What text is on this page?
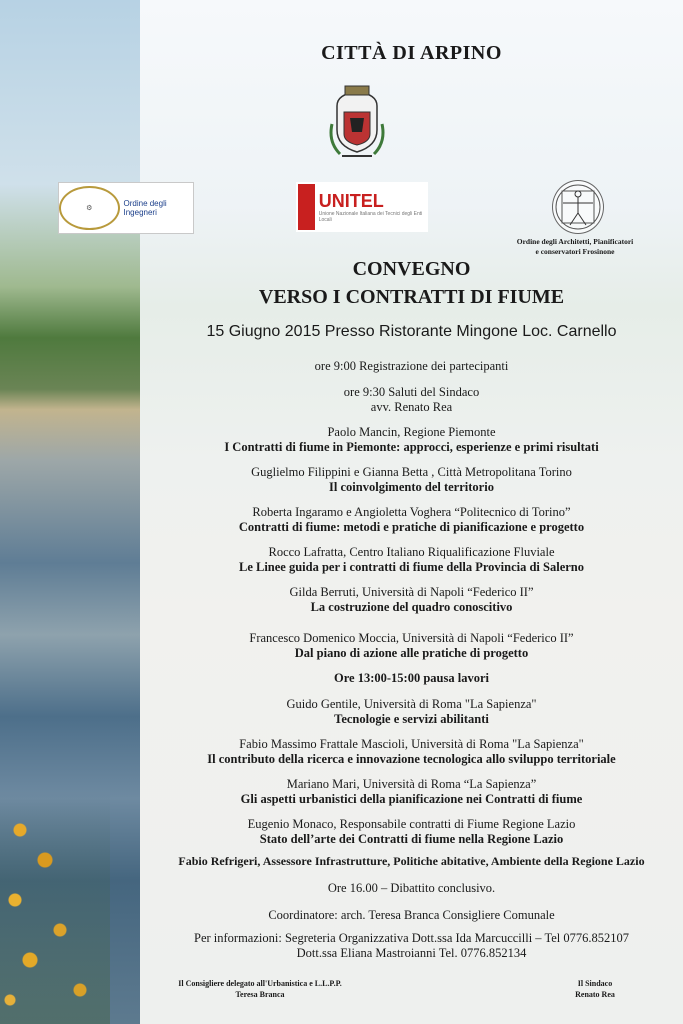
CITTÀ DI ARPINO
⚙	Ordine degli Ingegneri
UNITEL
Unione Nazionale Italiana dei Tecnici degli Enti Locali
Ordine degli Architetti, Pianificatori
e conservatori Frosinone
CONVEGNO
VERSO I CONTRATTI DI FIUME
15 Giugno 2015 Presso Ristorante Mingone Loc. Carnello
ore 9:00 Registrazione dei partecipanti
ore 9:30 Saluti del Sindaco
avv. Renato Rea
Paolo Mancin, Regione Piemonte
I Contratti di fiume in Piemonte: approcci, esperienze e primi risultati
Guglielmo Filippini e Gianna Betta , Città Metropolitana Torino
Il coinvolgimento del territorio
Roberta Ingaramo e Angioletta Voghera “Politecnico di Torino”
Contratti di fiume: metodi e pratiche di pianificazione e progetto
Rocco Lafratta, Centro Italiano Riqualificazione Fluviale
Le Linee guida per i contratti di fiume della Provincia di Salerno
Gilda Berruti, Università di Napoli “Federico II”
La costruzione del quadro conoscitivo
Francesco Domenico Moccia, Università di Napoli “Federico II”
Dal piano di azione alle pratiche di progetto
Ore 13:00-15:00 pausa lavori
Guido Gentile, Università di Roma "La Sapienza"
Tecnologie e servizi abilitanti
Fabio Massimo Frattale Mascioli, Università di Roma "La Sapienza"
Il contributo della ricerca e innovazione tecnologica allo sviluppo territoriale
Mariano Mari, Università di Roma “La Sapienza”
Gli aspetti urbanistici della pianificazione nei Contratti di fiume
Eugenio Monaco, Responsabile contratti di Fiume Regione Lazio
Stato dell’arte dei Contratti di fiume nella Regione Lazio
Fabio Refrigeri, Assessore Infrastrutture, Politiche abitative, Ambiente della Regione Lazio
Ore 16.00 – Dibattito conclusivo.
Coordinatore: arch. Teresa Branca Consigliere Comunale
Per informazioni: Segreteria Organizzativa Dott.ssa Ida Marcuccilli – Tel 0776.852107
Dott.ssa Eliana Mastroianni Tel. 0776.852134
Il Consigliere delegato all'Urbanistica e L.L.P.P.
Teresa Branca
Il Sindaco
Renato Rea
